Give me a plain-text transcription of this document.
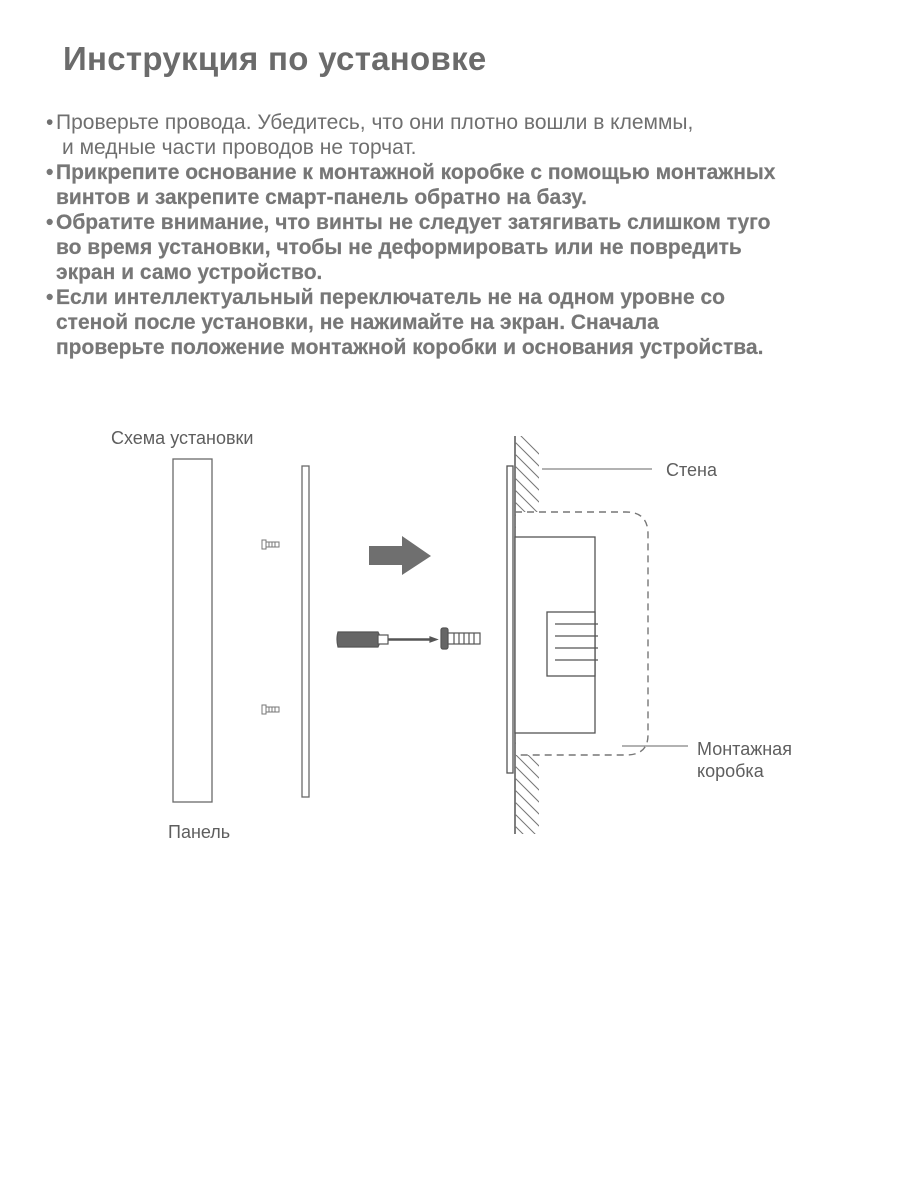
Инструкция по установке
• Проверьте провода. Убедитесь, что они плотно вошли в клеммы,
и медные части проводов не торчат.
• Прикрепите основание к монтажной коробке с помощью монтажных
винтов и закрепите смарт-панель обратно на базу.
• Обратите внимание, что винты не следует затягивать слишком туго
во время установки, чтобы не деформировать или не повредить
экран и само устройство.
• Если интеллектуальный переключатель не на одном уровне со
стеной после установки, не нажимайте на экран. Сначала
проверьте положение монтажной коробки и основания устройства.
Схема установки
Панель
Стена
Монтажная
коробка
